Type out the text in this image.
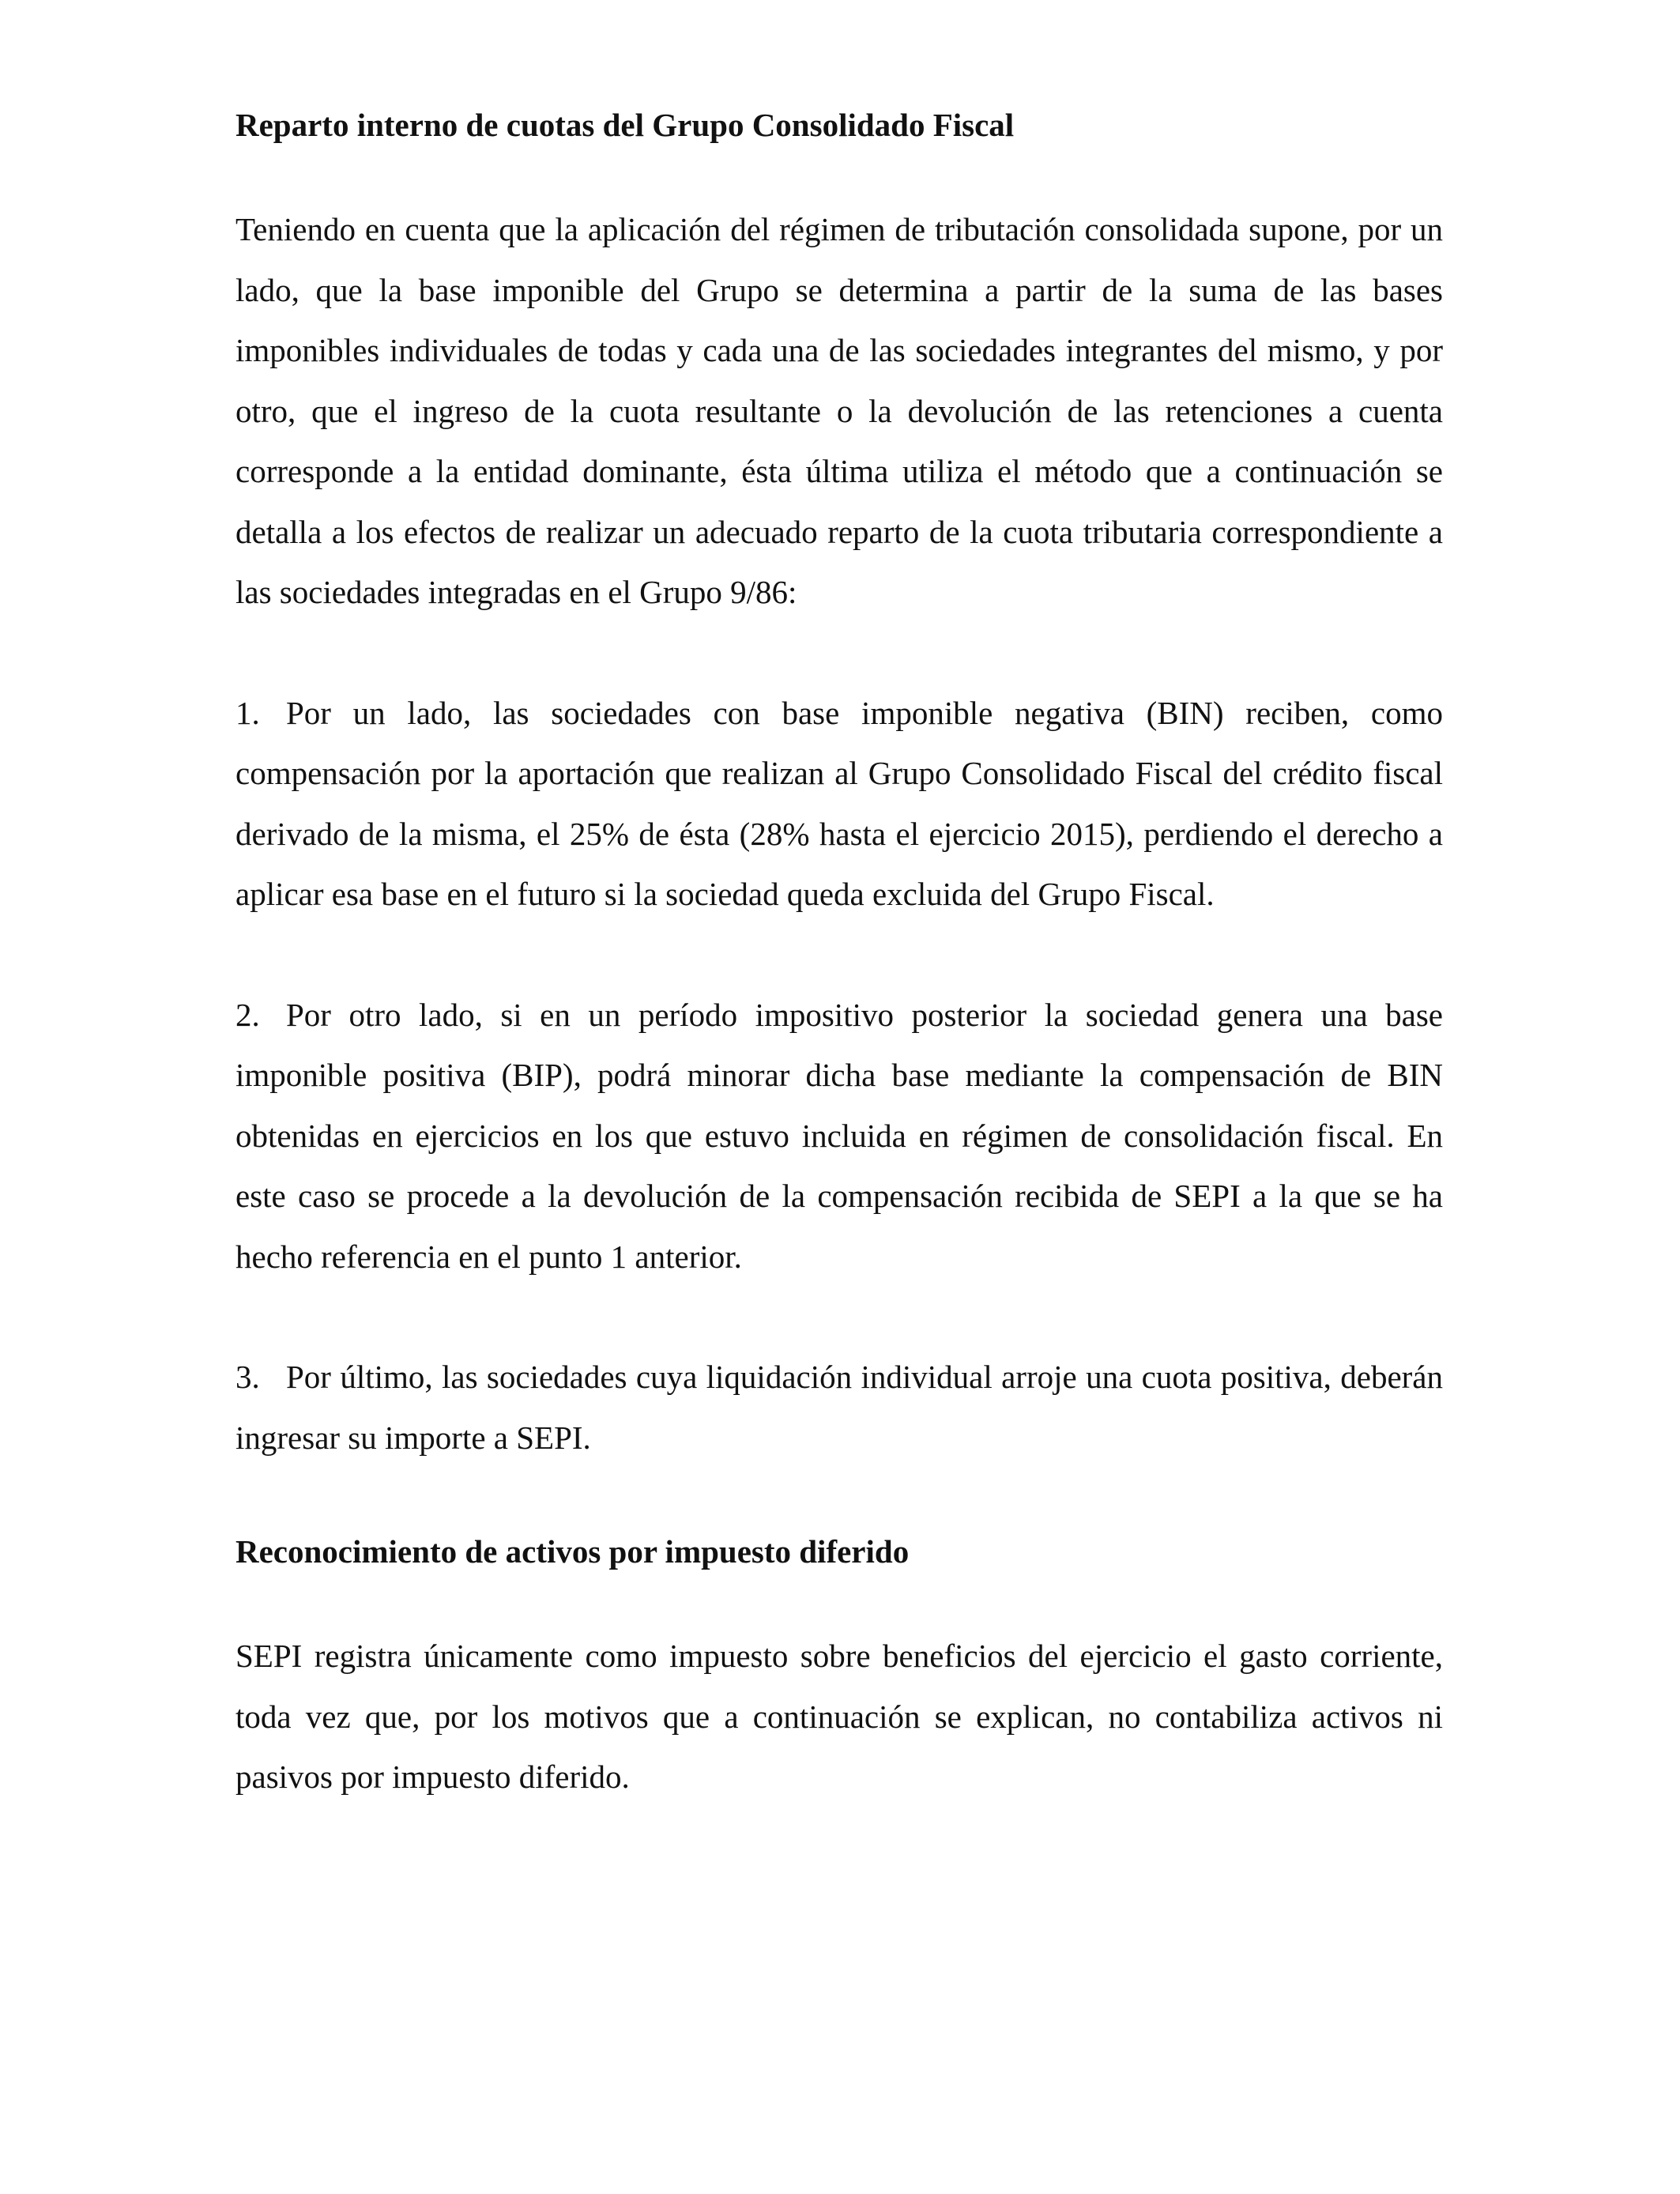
Reparto interno de cuotas del Grupo Consolidado Fiscal

Teniendo en cuenta que la aplicación del régimen de tributación consolidada supone, por un lado, que la base imponible del Grupo se determina a partir de la suma de las bases imponibles individuales de todas y cada una de las sociedades integrantes del mismo, y por otro, que el ingreso de la cuota resultante o la devolución de las retenciones a cuenta corresponde a la entidad dominante, ésta última utiliza el método que a continuación se detalla a los efectos de realizar un adecuado reparto de la cuota tributaria correspondiente a las sociedades integradas en el Grupo 9/86:

1. Por un lado, las sociedades con base imponible negativa (BIN) reciben, como compensación por la aportación que realizan al Grupo Consolidado Fiscal del crédito fiscal derivado de la misma, el 25% de ésta (28% hasta el ejercicio 2015), perdiendo el derecho a aplicar esa base en el futuro si la sociedad queda excluida del Grupo Fiscal.

2. Por otro lado, si en un período impositivo posterior la sociedad genera una base imponible positiva (BIP), podrá minorar dicha base mediante la compensación de BIN obtenidas en ejercicios en los que estuvo incluida en régimen de consolidación fiscal. En este caso se procede a la devolución de la compensación recibida de SEPI a la que se ha hecho referencia en el punto 1 anterior.

3. Por último, las sociedades cuya liquidación individual arroje una cuota positiva, deberán ingresar su importe a SEPI.

Reconocimiento de activos por impuesto diferido

SEPI registra únicamente como impuesto sobre beneficios del ejercicio el gasto corriente, toda vez que, por los motivos que a continuación se explican, no contabiliza activos ni pasivos por impuesto diferido.
